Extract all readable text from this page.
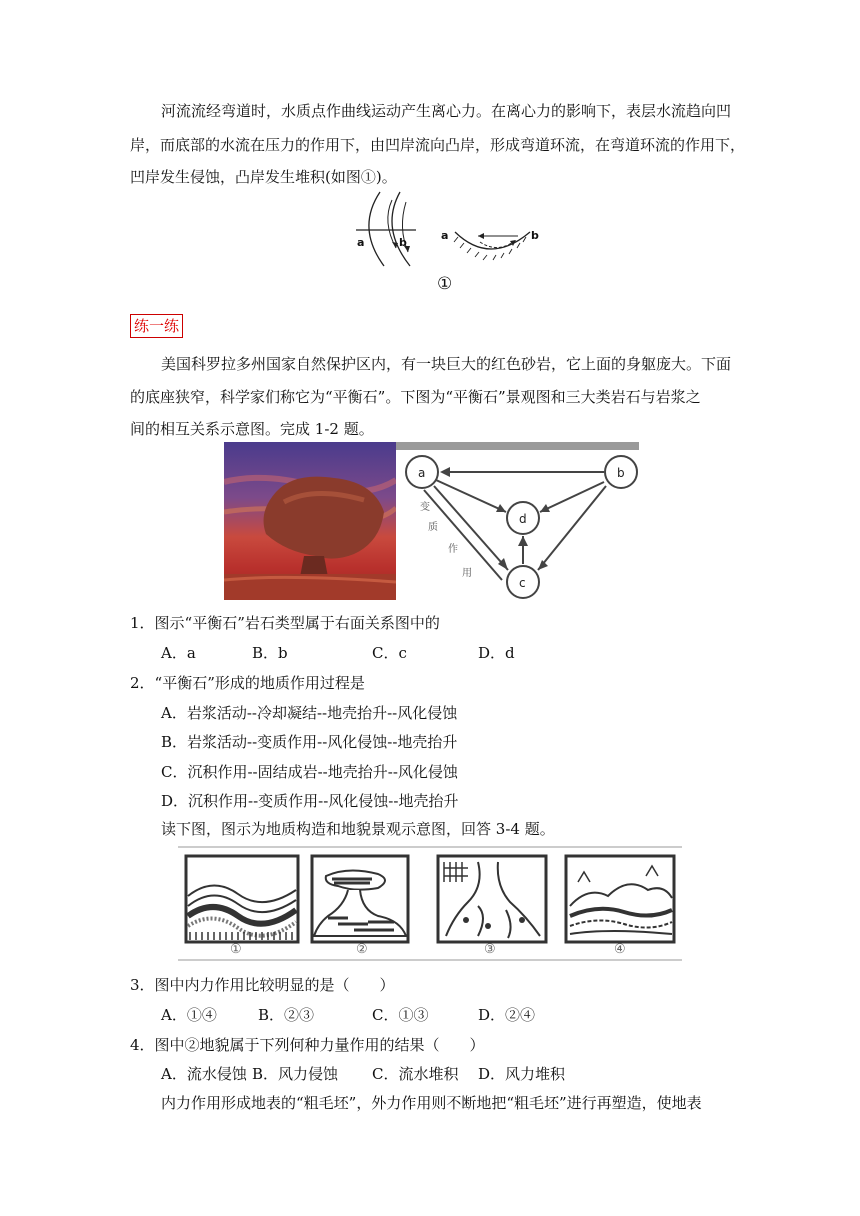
河流流经弯道时，水质点作曲线运动产生离心力。在离心力的影响下，表层水流趋向凹
岸，而底部的水流在压力的作用下，由凹岸流向凸岸，形成弯道环流，在弯道环流的作用下，
凹岸发生侵蚀，凸岸发生堆积(如图①)。
a	b
a	b
①
练一练
美国科罗拉多州国家自然保护区内，有一块巨大的红色砂岩，它上面的身躯庞大。下面
的底座狭窄，科学家们称它为“平衡石”。下图为“平衡石”景观图和三大类岩石与岩浆之
间的相互关系示意图。完成 1-2 题。
a	b
d
c
变
质
作
用
1．图示“平衡石”岩石类型属于右面关系图中的
A．a	B．b	C．c	D．d
2．“平衡石”形成的地质作用过程是
A．岩浆活动--冷却凝结--地壳抬升--风化侵蚀
B．岩浆活动--变质作用--风化侵蚀--地壳抬升
C．沉积作用--固结成岩--地壳抬升--风化侵蚀
D．沉积作用--变质作用--风化侵蚀--地壳抬升
读下图，图示为地质构造和地貌景观示意图，回答 3-4 题。
①	②	③	④
3．图中内力作用比较明显的是（　　）
A．①④	B．②③	C．①③	D．②④
4．图中②地貌属于下列何种力量作用的结果（　　）
A．流水侵蚀 B．风力侵蚀 C．流水堆积 D．风力堆积
内力作用形成地表的“粗毛坯”，外力作用则不断地把“粗毛坯”进行再塑造，使地表
